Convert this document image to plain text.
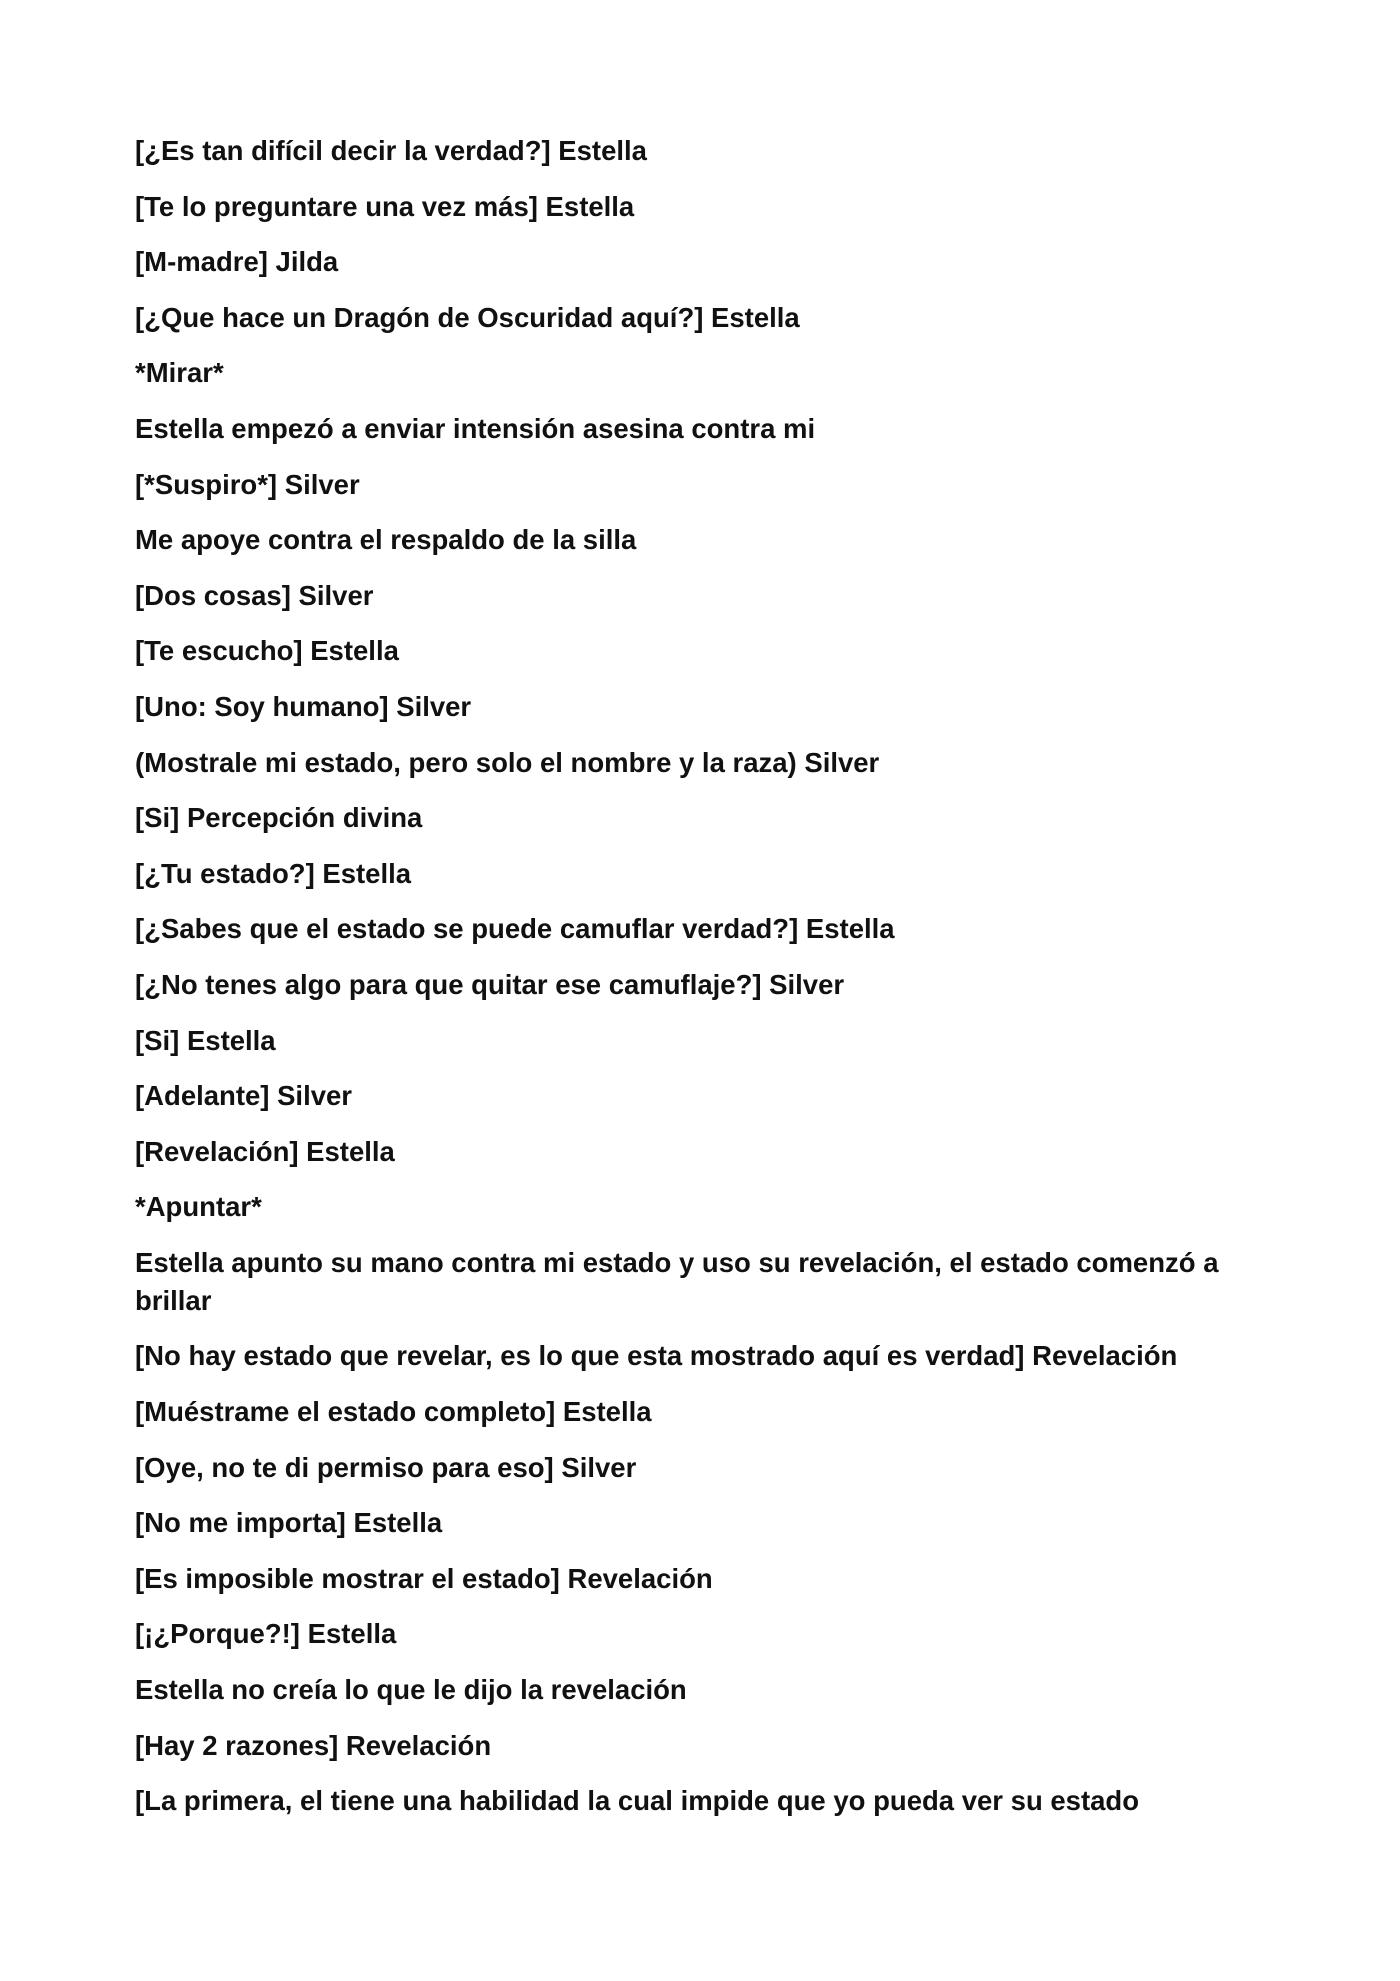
[¿Es tan difícil decir la verdad?] Estella

[Te lo preguntare una vez más] Estella

[M-madre] Jilda

[¿Que hace un Dragón de Oscuridad aquí?] Estella

*Mirar*

Estella empezó a enviar intensión asesina contra mi

[*Suspiro*] Silver

Me apoye contra el respaldo de la silla

[Dos cosas] Silver

[Te escucho] Estella

[Uno: Soy humano] Silver

(Mostrale mi estado, pero solo el nombre y la raza) Silver

[Si] Percepción divina

[¿Tu estado?] Estella

[¿Sabes que el estado se puede camuflar verdad?] Estella

[¿No tenes algo para que quitar ese camuflaje?] Silver

[Si] Estella

[Adelante] Silver

[Revelación] Estella

*Apuntar*

Estella apunto su mano contra mi estado y uso su revelación, el estado comenzó a brillar

[No hay estado que revelar, es lo que esta mostrado aquí es verdad] Revelación

[Muéstrame el estado completo] Estella

[Oye, no te di permiso para eso] Silver

[No me importa] Estella

[Es imposible mostrar el estado] Revelación

[¡¿Porque?!] Estella

Estella no creía lo que le dijo la revelación

[Hay 2 razones] Revelación

[La primera, el tiene una habilidad la cual impide que yo pueda ver su estado
